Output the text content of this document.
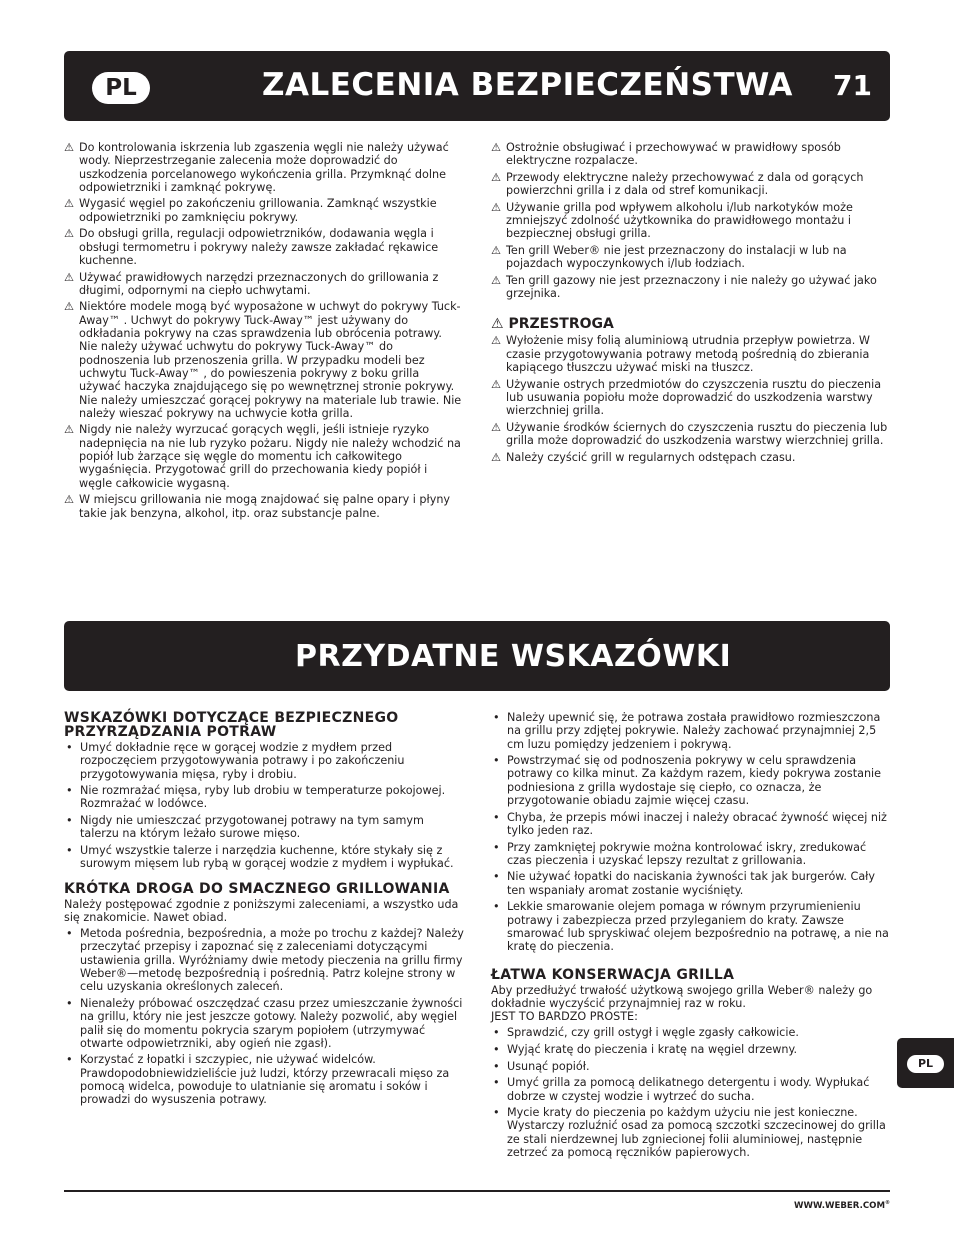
PL	ZALECENIA BEZPIECZEŃSTWA 71
⚠ Do kontrolowania iskrzenia lub zgaszenia węgli nie należy używać wody. Nieprzestrzeganie zalecenia może doprowadzić do uszkodzenia porcelanowego wykończenia grilla. Przymknąć dolne odpowietrzniki i zamknąć pokrywę.
⚠ Wygasić węgiel po zakończeniu grillowania. Zamknąć wszystkie odpowietrzniki po zamknięciu pokrywy.
⚠ Do obsługi grilla, regulacji odpowietrzników, dodawania węgla i obsługi termometru i pokrywy należy zawsze zakładać rękawice kuchenne.
⚠ Używać prawidłowych narzędzi przeznaczonych do grillowania z długimi, odpornymi na ciepło uchwytami.
⚠ Niektóre modele mogą być wyposażone w uchwyt do pokrywy Tuck-Away™ . Uchwyt do pokrywy Tuck-Away™ jest używany do odkładania pokrywy na czas sprawdzenia lub obrócenia potrawy. Nie należy używać uchwytu do pokrywy Tuck-Away™ do podnoszenia lub przenoszenia grilla. W przypadku modeli bez uchwytu Tuck-Away™ , do powieszenia pokrywy z boku grilla używać haczyka znajdującego się po wewnętrznej stronie pokrywy. Nie należy umieszczać gorącej pokrywy na materiale lub trawie. Nie należy wieszać pokrywy na uchwycie kotła grilla.
⚠ Nigdy nie należy wyrzucać gorących węgli, jeśli istnieje ryzyko nadepnięcia na nie lub ryzyko pożaru. Nigdy nie należy wchodzić na popiół lub żarzące się węgle do momentu ich całkowitego wygaśnięcia. Przygotować grill do przechowania kiedy popiół i węgle całkowicie wygasną.
⚠ W miejscu grillowania nie mogą znajdować się palne opary i płyny takie jak benzyna, alkohol, itp. oraz substancje palne.
⚠ Ostrożnie obsługiwać i przechowywać w prawidłowy sposób elektryczne rozpalacze.
⚠ Przewody elektryczne należy przechowywać z dala od gorących powierzchni grilla i z dala od stref komunikacji.
⚠ Używanie grilla pod wpływem alkoholu i/lub narkotyków może zmniejszyć zdolność użytkownika do prawidłowego montażu i bezpiecznej obsługi grilla.
⚠ Ten grill Weber® nie jest przeznaczony do instalacji w lub na pojazdach wypoczynkowych i/lub łodziach.
⚠ Ten grill gazowy nie jest przeznaczony i nie należy go używać jako grzejnika.
⚠ PRZESTROGA
⚠ Wyłożenie misy folią aluminiową utrudnia przepływ powietrza. W czasie przygotowywania potrawy metodą pośrednią do zbierania kapiącego tłuszczu używać miski na tłuszcz.
⚠ Używanie ostrych przedmiotów do czyszczenia rusztu do pieczenia lub usuwania popiołu może doprowadzić do uszkodzenia warstwy wierzchniej grilla.
⚠ Używanie środków ściernych do czyszczenia rusztu do pieczenia lub grilla może doprowadzić do uszkodzenia warstwy wierzchniej grilla.
⚠ Należy czyścić grill w regularnych odstępach czasu.
PRZYDATNE WSKAZÓWKI
WSKAZÓWKI DOTYCZĄCE BEZPIECZNEGO PRZYRZĄDZANIA POTRAW
• Umyć dokładnie ręce w gorącej wodzie z mydłem przed rozpoczęciem przygotowywania potrawy i po zakończeniu przygotowywania mięsa, ryby i drobiu.
• Nie rozmrażać mięsa, ryby lub drobiu w temperaturze pokojowej. Rozmrażać w lodówce.
• Nigdy nie umieszczać przygotowanej potrawy na tym samym talerzu na którym leżało surowe mięso.
• Umyć wszystkie talerze i narzędzia kuchenne, które stykały się z surowym mięsem lub rybą w gorącej wodzie z mydłem i wypłukać.
KRÓTKA DROGA DO SMACZNEGO GRILLOWANIA

Należy postępować zgodnie z poniższymi zaleceniami, a wszystko uda się znakomicie. Nawet obiad.

• Metoda pośrednia, bezpośrednia, a może po trochu z każdej? Należy przeczytać przepisy i zapoznać się z zaleceniami dotyczącymi ustawienia grilla. Wyróżniamy dwie metody pieczenia na grillu firmy Weber®—metodę bezpośrednią i pośrednią. Patrz kolejne strony w celu uzyskania określonych zaleceń.
• Nienależy próbować oszczędzać czasu przez umieszczanie żywności na grillu, który nie jest jeszcze gotowy. Należy pozwolić, aby węgiel palił się do momentu pokrycia szarym popiołem (utrzymywać otwarte odpowietrzniki, aby ogień nie zgasł).
• Korzystać z łopatki i szczypiec, nie używać widelców. Prawdopodobniewidzieliście już ludzi, którzy przewracali mięso za pomocą widelca, powoduje to ulatnianie się aromatu i soków i prowadzi do wysuszenia potrawy.
• Należy upewnić się, że potrawa została prawidłowo rozmieszczona na grillu przy zdjętej pokrywie. Należy zachować przynajmniej 2,5 cm luzu pomiędzy jedzeniem i pokrywą.
• Powstrzymać się od podnoszenia pokrywy w celu sprawdzenia potrawy co kilka minut. Za każdym razem, kiedy pokrywa zostanie podniesiona z grilla wydostaje się ciepło, co oznacza, że przygotowanie obiadu zajmie więcej czasu.
• Chyba, że przepis mówi inaczej i należy obracać żywność więcej niż tylko jeden raz.
• Przy zamkniętej pokrywie można kontrolować iskry, zredukować czas pieczenia i uzyskać lepszy rezultat z grillowania.
• Nie używać łopatki do naciskania żywności tak jak burgerów. Cały ten wspaniały aromat zostanie wyciśnięty.
• Lekkie smarowanie olejem pomaga w równym przyrumienieniu potrawy i zabezpiecza przed przyleganiem do kraty. Zawsze smarować lub spryskiwać olejem bezpośrednio na potrawę, a nie na kratę do pieczenia.
ŁATWA KONSERWACJA GRILLA

Aby przedłużyć trwałość użytkową swojego grilla Weber® należy go dokładnie wyczyścić przynajmniej raz w roku.

JEST TO BARDZO PROSTE:

• Sprawdzić, czy grill ostygł i węgle zgasły całkowicie.
• Wyjąć kratę do pieczenia i kratę na węgiel drzewny.
• Usunąć popiół.
• Umyć grilla za pomocą delikatnego detergentu i wody. Wypłukać dobrze w czystej wodzie i wytrzeć do sucha.
• Mycie kraty do pieczenia po każdym użyciu nie jest konieczne. Wystarczy rozluźnić osad za pomocą szczotki szczecinowej do grilla ze stali nierdzewnej lub zgniecionej folii aluminiowej, następnie zetrzeć za pomocą ręczników papierowych.
PL
WWW.WEBER.COM®
